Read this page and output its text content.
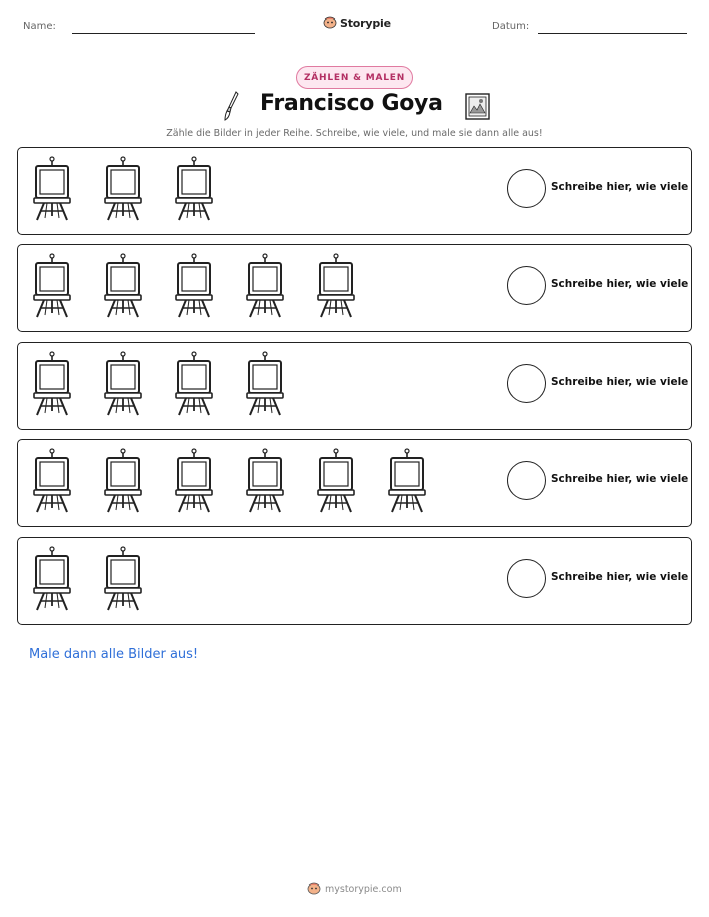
Name:	Datum:
Storypie
ZÄHLEN & MALEN
Francisco Goya
Zähle die Bilder in jeder Reihe. Schreibe, wie viele, und male sie dann alle aus!
Schreibe hier, wie viele
Schreibe hier, wie viele
Schreibe hier, wie viele
Schreibe hier, wie viele
Schreibe hier, wie viele
Male dann alle Bilder aus!
mystorypie.com
